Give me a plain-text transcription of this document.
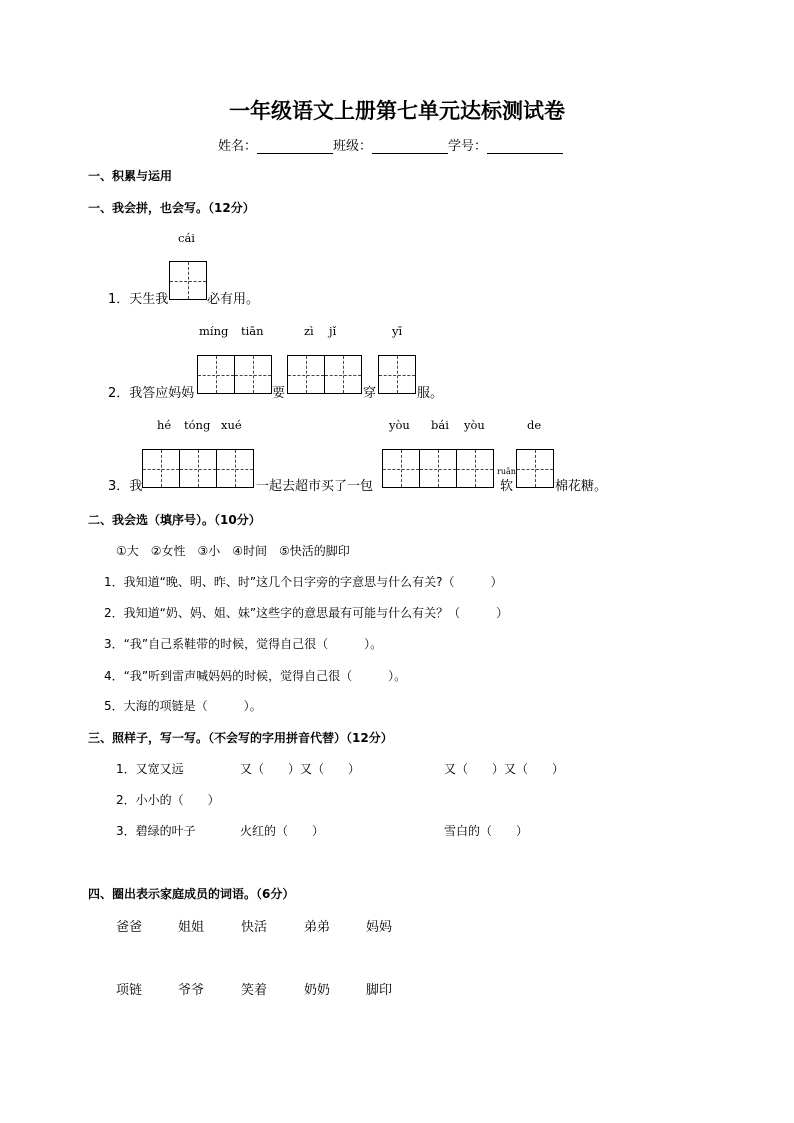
一年级语文上册第七单元达标测试卷
姓名：	班级：	学号：
一、积累与运用
一、我会拼，也会写。（12分）
cái
1．天生我	必有用。
míng tiān	zì jǐ	yī
2．我答应妈妈	要	穿	服。
hé tóng xué	yòu bái yòu	de
3．我	一起去超市买了一包
ruǎn
软	棉花糖。
二、我会选（填序号）。（10分）
①大　②女性　③小　④时间　⑤快活的脚印
1．我知道“晚、明、昨、时”这几个日字旁的字意思与什么有关?（　　　）
2．我知道“奶、妈、姐、妹”这些字的意思最有可能与什么有关？（　　　）
3．“我”自己系鞋带的时候，觉得自己很（　　　）。
4．“我”听到雷声喊妈妈的时候，觉得自己很（　　　）。
5．大海的项链是（　　　）。
三、照样子，写一写。（不会写的字用拼音代替）（12分）
1．又宽又远	又（　　）又（　　）	又（　　）又（　　）
2．小小的（　　）
3．碧绿的叶子	火红的（　　）	雪白的（　　）
四、圈出表示家庭成员的词语。（6分）
爸爸	姐姐	快活	弟弟	妈妈
项链	爷爷	笑着	奶奶	脚印
